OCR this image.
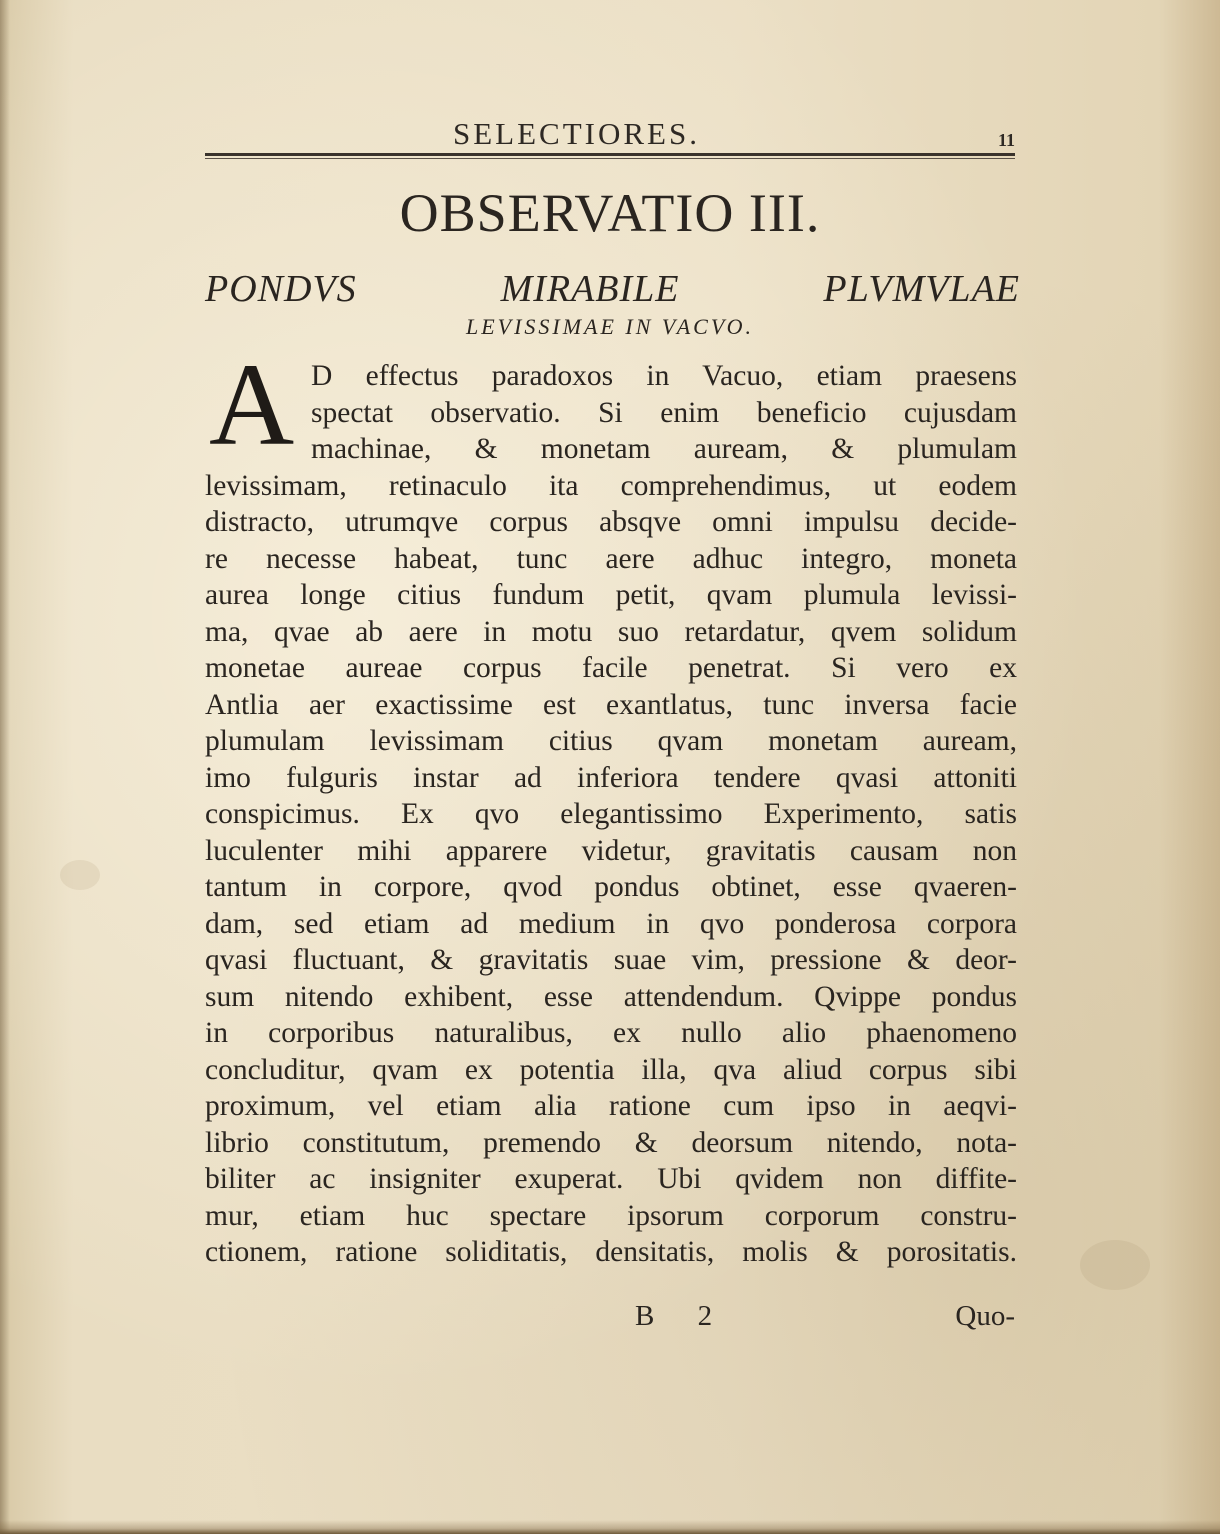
SELECTIORES.	11
OBSERVATIO III.
PONDVS	MIRABILE	PLVMVLAE
LEVISSIMAE IN VACVO.
A D effectus paradoxos in Vacuo, etiam praesens
spectat observatio. Si enim beneficio cujusdam
machinae, & monetam auream, & plumulam
levissimam, retinaculo ita comprehendimus, ut eodem
distracto, utrumqve corpus absqve omni impulsu decide-
re necesse habeat, tunc aere adhuc integro, moneta
aurea longe citius fundum petit, qvam plumula levissi-
ma, qvae ab aere in motu suo retardatur, qvem solidum
monetae aureae corpus facile penetrat. Si vero ex
Antlia aer exactissime est exantlatus, tunc inversa facie
plumulam levissimam citius qvam monetam auream,
imo fulguris instar ad inferiora tendere qvasi attoniti
conspicimus. Ex qvo elegantissimo Experimento, satis
luculenter mihi apparere videtur, gravitatis causam non
tantum in corpore, qvod pondus obtinet, esse qvaeren-
dam, sed etiam ad medium in qvo ponderosa corpora
qvasi fluctuant, & gravitatis suae vim, pressione & deor-
sum nitendo exhibent, esse attendendum. Qvippe pondus
in corporibus naturalibus, ex nullo alio phaenomeno
concluditur, qvam ex potentia illa, qva aliud corpus sibi
proximum, vel etiam alia ratione cum ipso in aeqvi-
librio constitutum, premendo & deorsum nitendo, nota-
biliter ac insigniter exuperat. Ubi qvidem non diffite-
mur, etiam huc spectare ipsorum corporum constru-
ctionem, ratione soliditatis, densitatis, molis & porositatis.
B 2	Quo-
